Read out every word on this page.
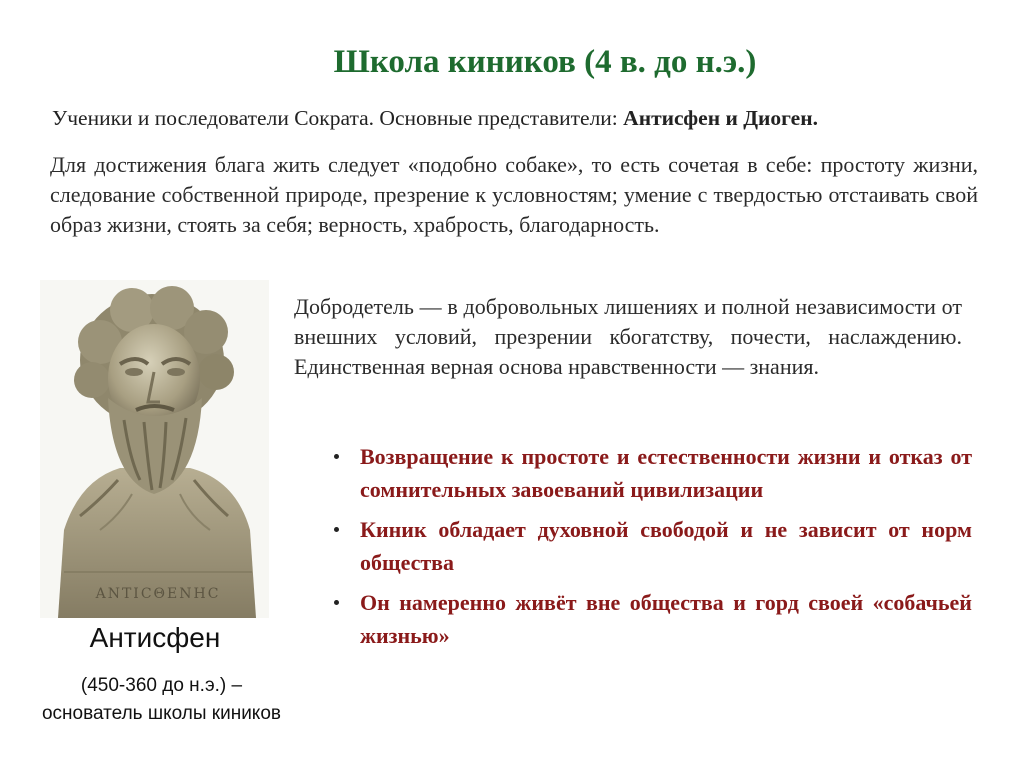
Школа киников (4 в. до н.э.)
Ученики и последователи Сократа. Основные представители: Антисфен и Диоген.
Для достижения блага жить следует «подобно собаке», то есть сочетая в себе: простоту жизни, следование собственной природе, презрение к условностям; умение с твердостью отстаивать свой образ жизни, стоять за себя; верность, храбрость, благодарность.
ΑΝΤΙϹΘΕΝΗϹ
Антисфен
(450-360 до н.э.) – основатель школы киников
Добродетель — в добровольных лишениях и полной независимости от внешних условий, презрении кбогатству, почести, наслаждению. Единственная верная основа нравственности — знания.
Возвращение к простоте и естественности жизни и отказ от сомнительных завоеваний цивилизации
Киник обладает духовной свободой и не зависит от норм общества
Он намеренно живёт вне общества и горд своей «собачьей жизнью»
